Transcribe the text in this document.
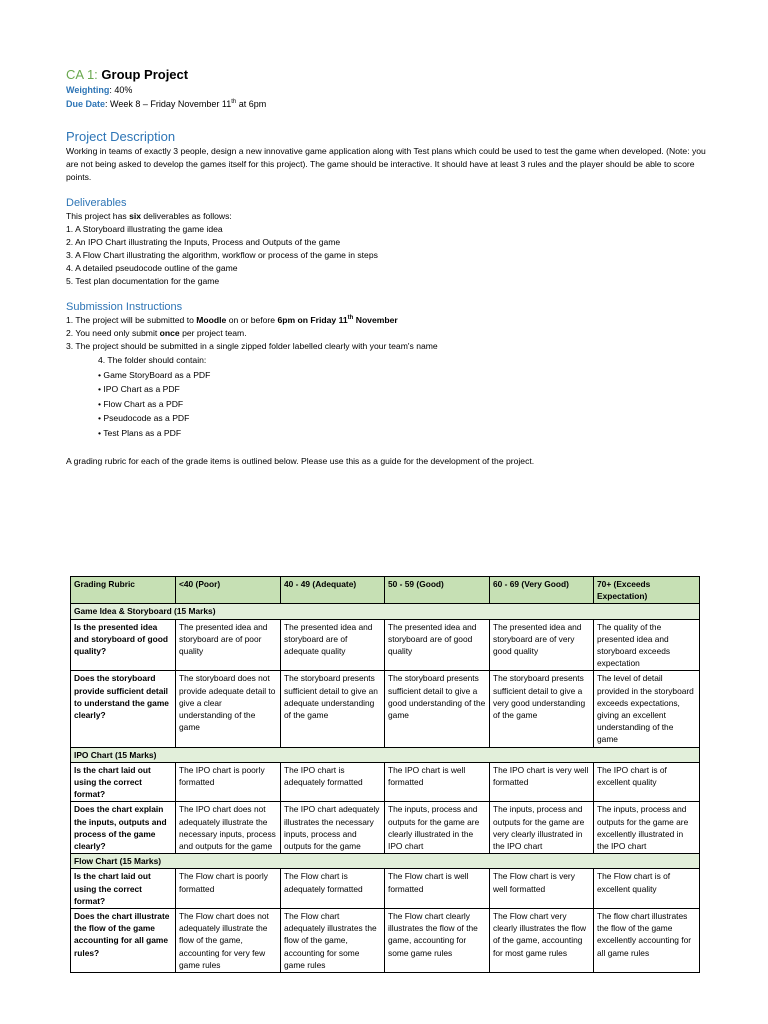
CA 1: Group Project
Weighting: 40%
Due Date: Week 8 – Friday November 11th at 6pm
Project Description
Working in teams of exactly 3 people, design a new innovative game application along with Test plans which could be used to test the game when developed. (Note: you are not being asked to develop the games itself for this project). The game should be interactive. It should have at least 3 rules and the player should be able to score points.
Deliverables
This project has six deliverables as follows:
1. A Storyboard illustrating the game idea
2. An IPO Chart illustrating the Inputs, Process and Outputs of the game
3. A Flow Chart illustrating the algorithm, workflow or process of the game in steps
4. A detailed pseudocode outline of the game
5. Test plan documentation for the game
Submission Instructions
1. The project will be submitted to Moodle on or before 6pm on Friday 11th November
2. You need only submit once per project team.
3. The project should be submitted in a single zipped folder labelled clearly with your team's name
4. The folder should contain:
• Game StoryBoard as a PDF
• IPO Chart as a PDF
• Flow Chart as a PDF
• Pseudocode as a PDF
• Test Plans as a PDF
A grading rubric for each of the grade items is outlined below. Please use this as a guide for the development of the project.
Grading Rubric	<40 (Poor)	40 - 49 (Adequate)	50 - 59 (Good)	60 - 69 (Very Good)	70+ (Exceeds Expectation)
Game Idea & Storyboard (15 Marks)					
Is the presented idea and storyboard of good quality?	The presented idea and storyboard are of poor quality	The presented idea and storyboard are of adequate quality	The presented idea and storyboard are of good quality	The presented idea and storyboard are of very good quality	The quality of the presented idea and storyboard exceeds expectation
Does the storyboard provide sufficient detail to understand the game clearly?	The storyboard does not provide adequate detail to give a clear understanding of the game	The storyboard presents sufficient detail to give an adequate understanding of the game	The storyboard presents sufficient detail to give a good understanding of the game	The storyboard presents sufficient detail to give a very good understanding of the game	The level of detail provided in the storyboard exceeds expectations, giving an excellent understanding of the game
IPO Chart (15 Marks)					
Is the chart laid out using the correct format?	The IPO chart is poorly formatted	The IPO chart is adequately formatted	The IPO chart is well formatted	The IPO chart is very well formatted	The IPO chart is of excellent quality
Does the chart explain the inputs, outputs and process of the game clearly?	The IPO chart does not adequately illustrate the necessary inputs, process and outputs for the game	The IPO chart adequately illustrates the necessary inputs, process and outputs for the game	The inputs, process and outputs for the game are clearly illustrated in the IPO chart	The inputs, process and outputs for the game are very clearly illustrated in the IPO chart	The inputs, process and outputs for the game are excellently illustrated in the IPO chart
Flow Chart (15 Marks)					
Is the chart laid out using the correct format?	The Flow chart is poorly formatted	The Flow chart is adequately formatted	The Flow chart is well formatted	The Flow chart is very well formatted	The Flow chart is of excellent quality
Does the chart illustrate the flow of the game accounting for all game rules?	The Flow chart does not adequately illustrate the flow of the game, accounting for very few game rules	The Flow chart adequately illustrates the flow of the game, accounting for some game rules	The Flow chart clearly illustrates the flow of the game, accounting for some game rules	The Flow chart very clearly illustrates the flow of the game, accounting for most game rules	The flow chart illustrates the flow of the game excellently accounting for all game rules
